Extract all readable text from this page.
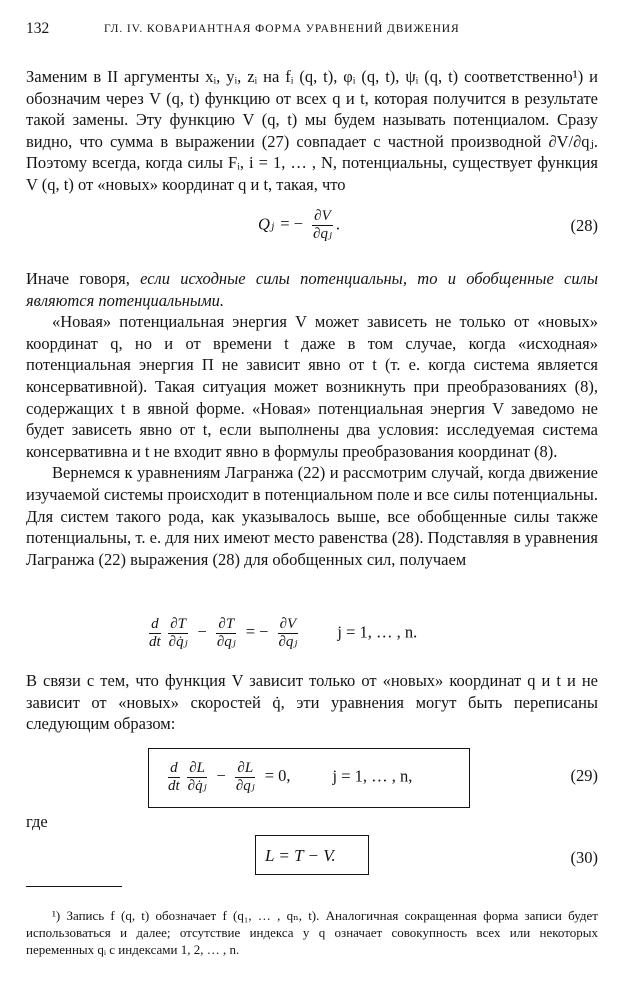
132	ГЛ. IV. КОВАРИАНТНАЯ ФОРМА УРАВНЕНИЙ ДВИЖЕНИЯ

Заменим в II аргументы xᵢ, yᵢ, zᵢ на fᵢ (q, t), φᵢ (q, t), ψᵢ (q, t) соответственно¹) и обозначим через V (q, t) функцию от всех q и t, которая получится в результате такой замены. Эту функцию V (q, t) мы будем называть потенциалом. Сразу видно, что сумма в выражении (27) совпадает с частной производной ∂V/∂qⱼ. Поэтому всегда, когда силы Fᵢ, i = 1, … , N, потенциальны, существует функция V (q, t) от «новых» координат q и t, такая, что

Qⱼ = − $\frac{\partial V}{\text{∂qⱼ}}$ .	(28)

Иначе говоря, если исходные силы потенциальны, то и обобщенные силы являются потенциальными.

«Новая» потенциальная энергия V может зависеть не только от «новых» координат q, но и от времени t даже в том случае, когда «исходная» потенциальная энергия П не зависит явно от t (т. е. когда система является консервативной). Такая ситуация может возникнуть при преобразованиях (8), содержащих t в явной форме. «Новая» потенциальная энергия V заведомо не будет зависеть явно от t, если выполнены два условия: исследуемая система консервативна и t не входит явно в формулы преобразования координат (8).

Вернемся к уравнениям Лагранжа (22) и рассмотрим случай, когда движение изучаемой системы происходит в потенциальном поле и все силы потенциальны. Для систем такого рода, как указывалось выше, все обобщенные силы также потенциальны, т. е. для них имеют место равенства (28). Подставляя в уравнения Лагранжа (22) выражения (28) для обобщенных сил, получаем

$\frac{d}{dt} \frac{\partial T}{\text{∂q̇ⱼ}} - \frac{\partial T}{\text{∂qⱼ}}$ = − $\frac{\partial V}{\text{∂qⱼ}}$ j = 1, … , n.

В связи с тем, что функция V зависит только от «новых» координат q и t и не зависит от «новых» скоростей q̇, эти уравнения могут быть переписаны следующим образом:

$\frac{d}{dt} \frac{\partial L}{\text{∂q̇ⱼ}} - \frac{\partial L}{\text{∂qⱼ}} = 0$,	j = 1, … , n,	(29)
где
L = T − V.	(30)

¹) Запись f (q, t) обозначает f (q₁, … , qₙ, t). Аналогичная сокращенная форма записи будет использоваться и далее; отсутствие индекса у q означает совокупность всех или некоторых переменных qᵢ с индексами 1, 2, … , n.
